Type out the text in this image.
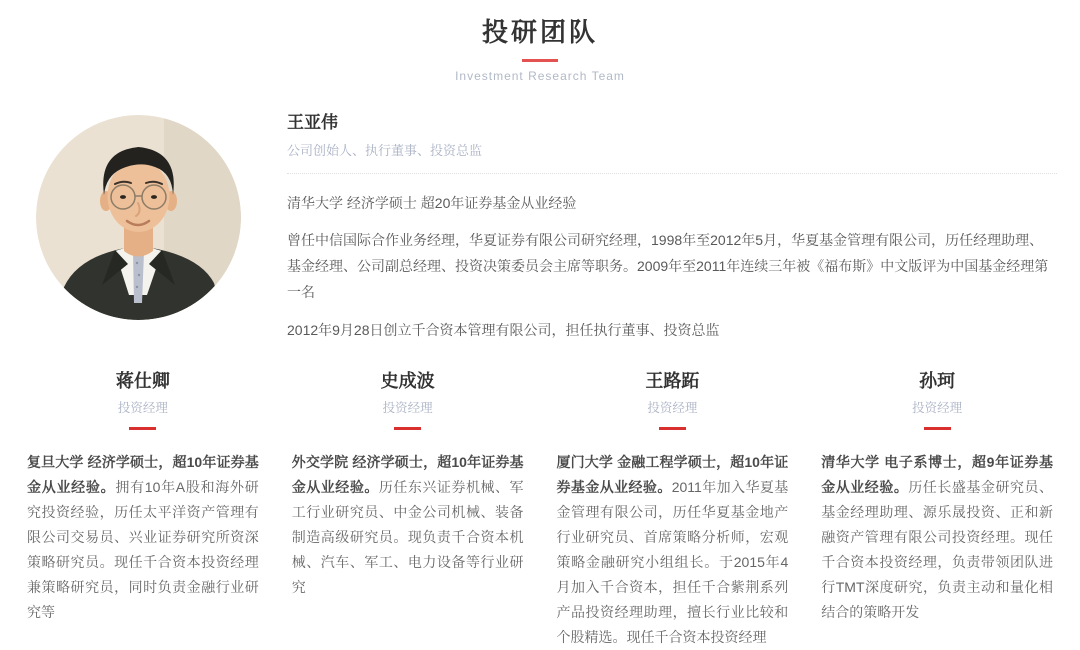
投研团队
Investment Research Team
王亚伟
公司创始人、执行董事、投资总监

清华大学 经济学硕士 超20年证券基金从业经验

曾任中信国际合作业务经理，华夏证券有限公司研究经理，1998年至2012年5月，华夏基金管理有限公司，历任经理助理、基金经理、公司副总经理、投资决策委员会主席等职务。2009年至2011年连续三年被《福布斯》中文版评为中国基金经理第一名

2012年9月28日创立千合资本管理有限公司，担任执行董事、投资总监

蒋仕卿
投资经理

复旦大学 经济学硕士，超10年证券基金从业经验。拥有10年A股和海外研究投资经验，历任太平洋资产管理有限公司交易员、兴业证券研究所资深策略研究员。现任千合资本投资经理兼策略研究员，同时负责金融行业研究等

史成波
投资经理

外交学院 经济学硕士，超10年证券基金从业经验。历任东兴证券机械、军工行业研究员、中金公司机械、装备制造高级研究员。现负责千合资本机械、汽车、军工、电力设备等行业研究

王路跖
投资经理

厦门大学 金融工程学硕士，超10年证券基金从业经验。2011年加入华夏基金管理有限公司，历任华夏基金地产行业研究员、首席策略分析师，宏观策略金融研究小组组长。于2015年4月加入千合资本，担任千合紫荆系列产品投资经理助理，擅长行业比较和个股精选。现任千合资本投资经理

孙珂
投资经理

清华大学 电子系博士，超9年证券基金从业经验。历任长盛基金研究员、基金经理助理、源乐晟投资、正和新融资产管理有限公司投资经理。现任千合资本投资经理，负责带领团队进行TMT深度研究，负责主动和量化相结合的策略开发
